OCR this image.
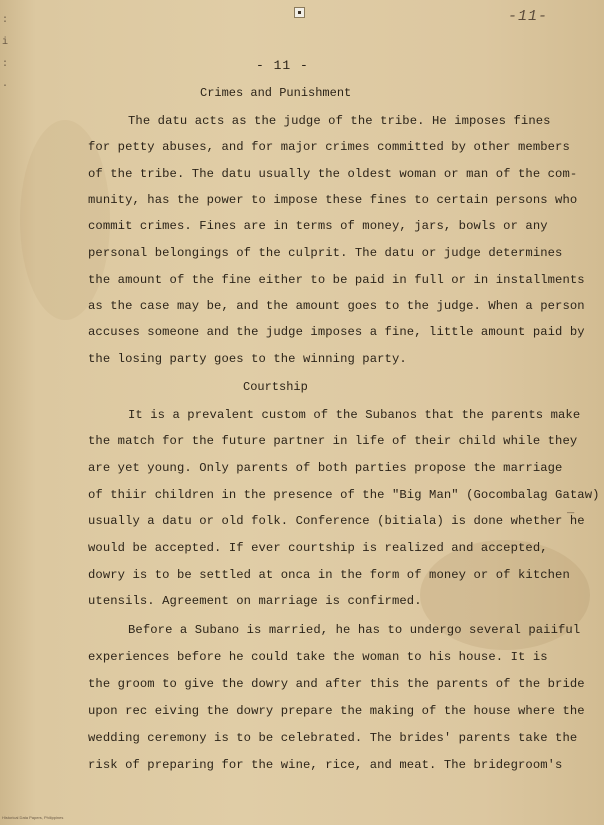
-11-
:
i
:
·
- 11 -
Crimes and Punishment
The datu acts as the judge of the tribe. He imposes fines
for petty abuses, and for major crimes committed by other members
of the tribe. The datu usually the oldest woman or man of the com-
munity, has the power to impose these fines to certain persons who
commit crimes. Fines are in terms of money, jars, bowls or any
personal belongings of the culprit. The datu or judge determines
the amount of the fine either to be paid in full or in installments
as the case may be, and the amount goes to the judge. When a person
accuses someone and the judge imposes a fine, little amount paid by
the losing party goes to the winning party.
Courtship
It is a prevalent custom of the Subanos that the parents make
the match for the future partner in life of their child while they
are yet young. Only parents of both parties propose the marriage
of thiir children in the presence of the "Big Man" (Gocombalag Gataw)
usually a datu or old folk. Conference (bitiala) is done whether he
would be accepted. If ever courtship is realized and accepted,
dowry is to be settled at onca in the form of money or of kitchen
utensils. Agreement on marriage is confirmed.
Before a Subano is married, he has to undergo several paiiful
experiences before he could take the woman to his house. It is
the groom to give the dowry and after this the parents of the bride
upon rec eiving the dowry prepare the making of the house where the
wedding ceremony is to be celebrated. The brides' parents take the
risk of preparing for the wine, rice, and meat. The bridegroom's
_
Historical Data Papers, Philippines
